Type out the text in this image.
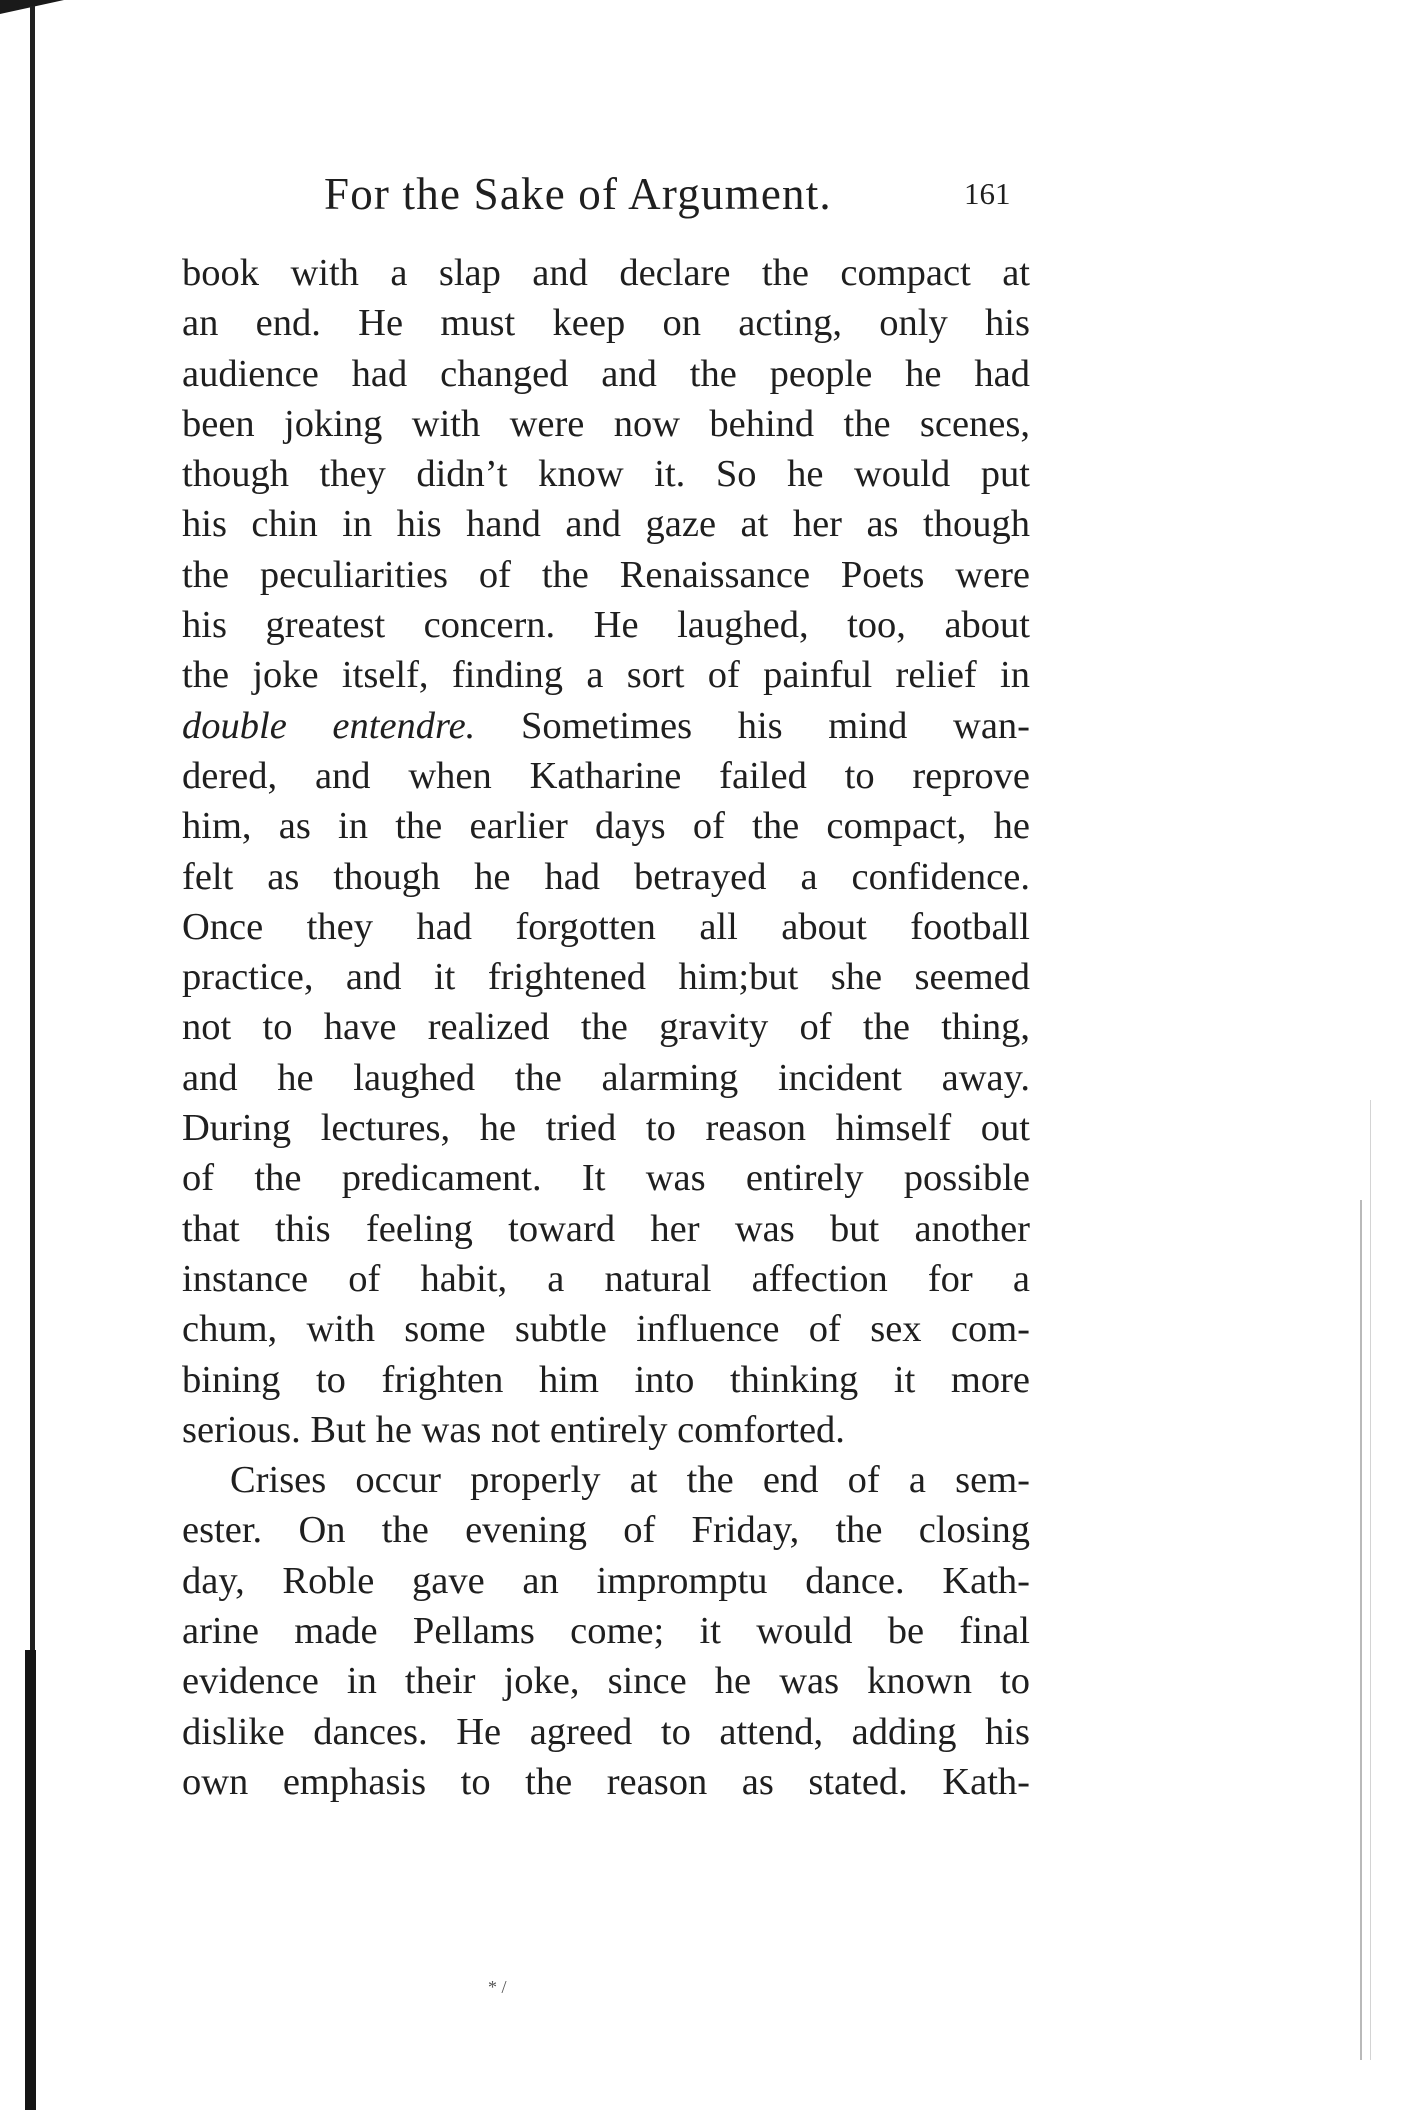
For the Sake of Argument.	161
book with a slap and declare the compact at
an end. He must keep on acting, only his
audience had changed and the people he had
been joking with were now behind the scenes,
though they didn’t know it. So he would put
his chin in his hand and gaze at her as though
the peculiarities of the Renaissance Poets were
his greatest concern. He laughed, too, about
the joke itself, finding a sort of painful relief in
double entendre. Sometimes his mind wan-
dered, and when Katharine failed to reprove
him, as in the earlier days of the compact, he
felt as though he had betrayed a confidence.
Once they had forgotten all about football
practice, and it frightened him;but she seemed
not to have realized the gravity of the thing,
and he laughed the alarming incident away.
During lectures, he tried to reason himself out
of the predicament. It was entirely possible
that this feeling toward her was but another
instance of habit, a natural affection for a
chum, with some subtle influence of sex com-
bining to frighten him into thinking it more
serious. But he was not entirely comforted.
Crises occur properly at the end of a sem-
ester. On the evening of Friday, the closing
day, Roble gave an impromptu dance. Kath-
arine made Pellams come; it would be final
evidence in their joke, since he was known to
dislike dances. He agreed to attend, adding his
own emphasis to the reason as stated. Kath-
* /
